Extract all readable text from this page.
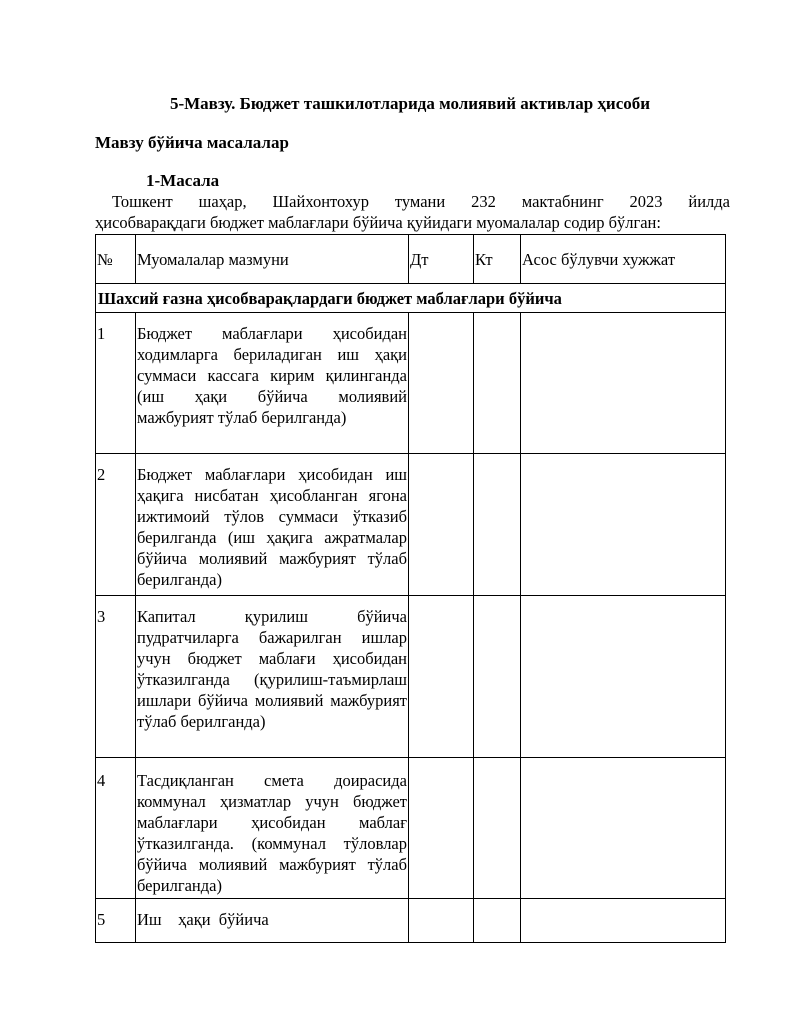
5-Мавзу. Бюджет ташкилотларида молиявий активлар ҳисоби
Мавзу бўйича масалалар
1-Масала

Тошкент шаҳар, Шайхонтохур тумани 232 мактабнинг 2023 йилда

ҳисобварақдаги бюджет маблағлари бўйича қуйидаги муомалалар содир бўлган:

№	Муомалалар мазмуни	Дт	Кт	Асос бўлувчи хужжат
Шахсий ғазна ҳисобварақлардаги бюджет маблағлари бўйича				
1	Бюджет маблағлари ҳисобидан ходимларга бериладиган иш ҳақи суммаси кассага кирим қилинганда (иш ҳақи бўйича молиявий мажбурият тўлаб берилганда)			
2	Бюджет маблағлари ҳисобидан иш ҳақига нисбатан ҳисобланган ягона ижтимоий тўлов суммаси ўтказиб берилганда (иш ҳақига ажратмалар бўйича молиявий мажбурият тўлаб берилганда)			
3	Капитал қурилиш бўйича пудратчиларга бажарилган ишлар учун бюджет маблағи ҳисобидан ўтказилганда (қурилиш-таъмирлаш ишлари бўйича молиявий мажбурият тўлаб берилганда)			
4	Тасдиқланган смета доирасида коммунал ҳизматлар учун бюджет маблағлари ҳисобидан маблағ ўтказилганда. (коммунал тўловлар бўйича молиявий мажбурият тўлаб берилганда)			
5	Иш    ҳақи  бўйича			
